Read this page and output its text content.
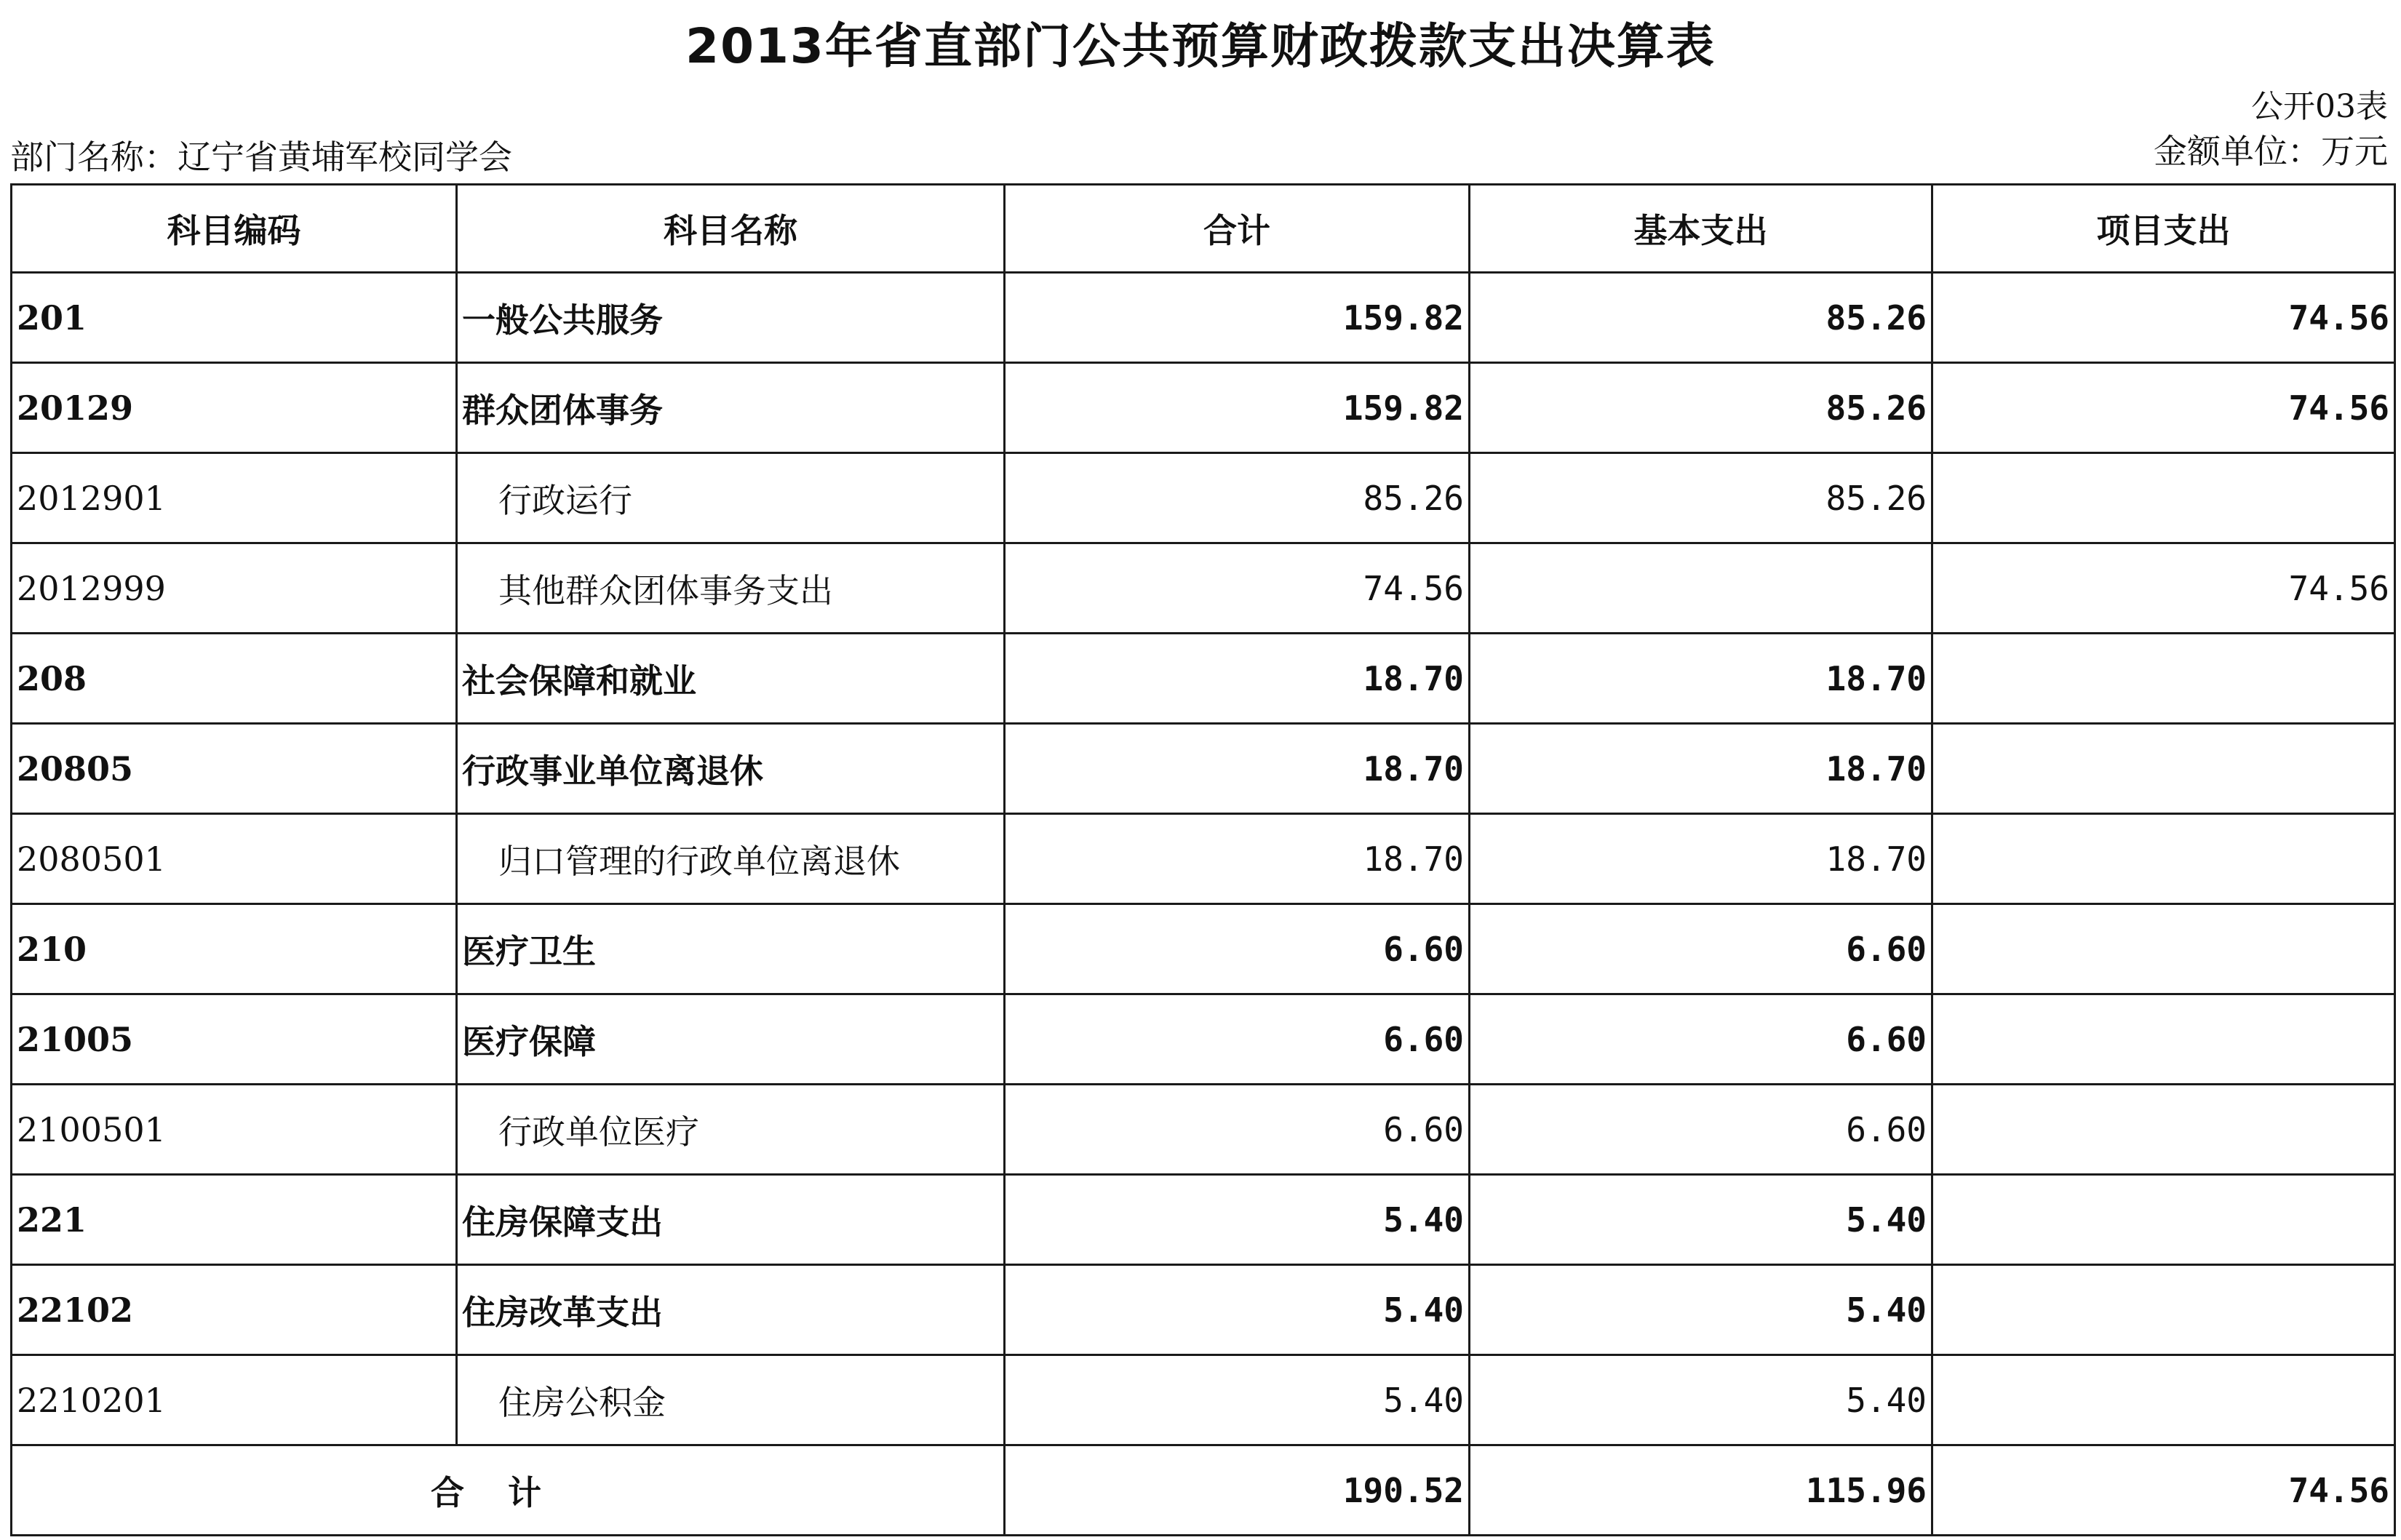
2013年省直部门公共预算财政拨款支出决算表
公开03表
部门名称：辽宁省黄埔军校同学会	金额单位：万元
科目编码	科目名称	合计	基本支出	项目支出
201	一般公共服务	159.82	85.26	74.56
20129	群众团体事务	159.82	85.26	74.56
2012901	行政运行	85.26	85.26	
2012999	其他群众团体事务支出	74.56		74.56
208	社会保障和就业	18.70	18.70	
20805	行政事业单位离退休	18.70	18.70	
2080501	归口管理的行政单位离退休	18.70	18.70	
210	医疗卫生	6.60	6.60	
21005	医疗保障	6.60	6.60	
2100501	行政单位医疗	6.60	6.60	
221	住房保障支出	5.40	5.40	
22102	住房改革支出	5.40	5.40	
2210201	住房公积金	5.40	5.40	
合计		190.52	115.96	74.56
